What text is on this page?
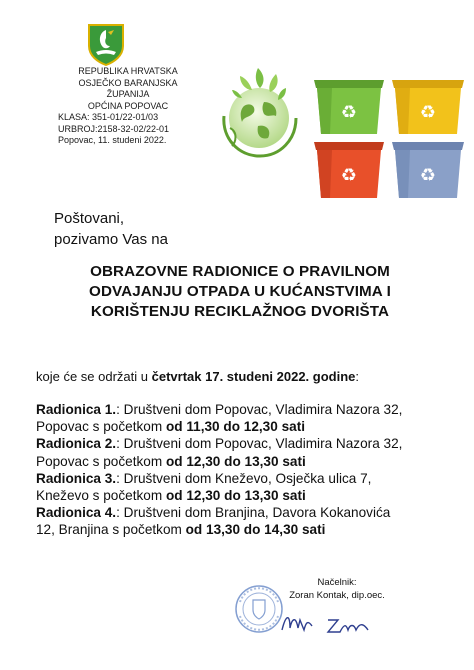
REPUBLIKA HRVATSKA
OSJEČKO BARANJSKA ŽUPANIJA
OPĆINA POPOVAC
KLASA: 351-01/22-01/03
URBROJ:2158-32-02/22-01
Popovac, 11. studeni 2022.
♻	♻
♻	♻
Poštovani,
pozivamo Vas na
OBRAZOVNE RADIONICE O PRAVILNOM
ODVAJANJU OTPADA U KUĆANSTVIMA I
KORIŠTENJU RECIKLAŽNOG DVORIŠTA
koje će se održati u četvrtak 17. studeni 2022. godine:

Radionica 1.: Društveni dom Popovac, Vladimira Nazora 32,
Popovac s početkom od 11,30 do 12,30 sati

Radionica 2.: Društveni dom Popovac, Vladimira Nazora 32,
Popovac s početkom od 12,30 do 13,30 sati

Radionica 3.: Društveni dom Kneževo, Osječka ulica 7,
Kneževo s početkom od 12,30 do 13,30 sati

Radionica 4.: Društveni dom Branjina, Davora Kokanovića
12, Branjina s početkom od 13,30 do 14,30 sati

Načelnik:
Zoran Kontak, dip.oec.
